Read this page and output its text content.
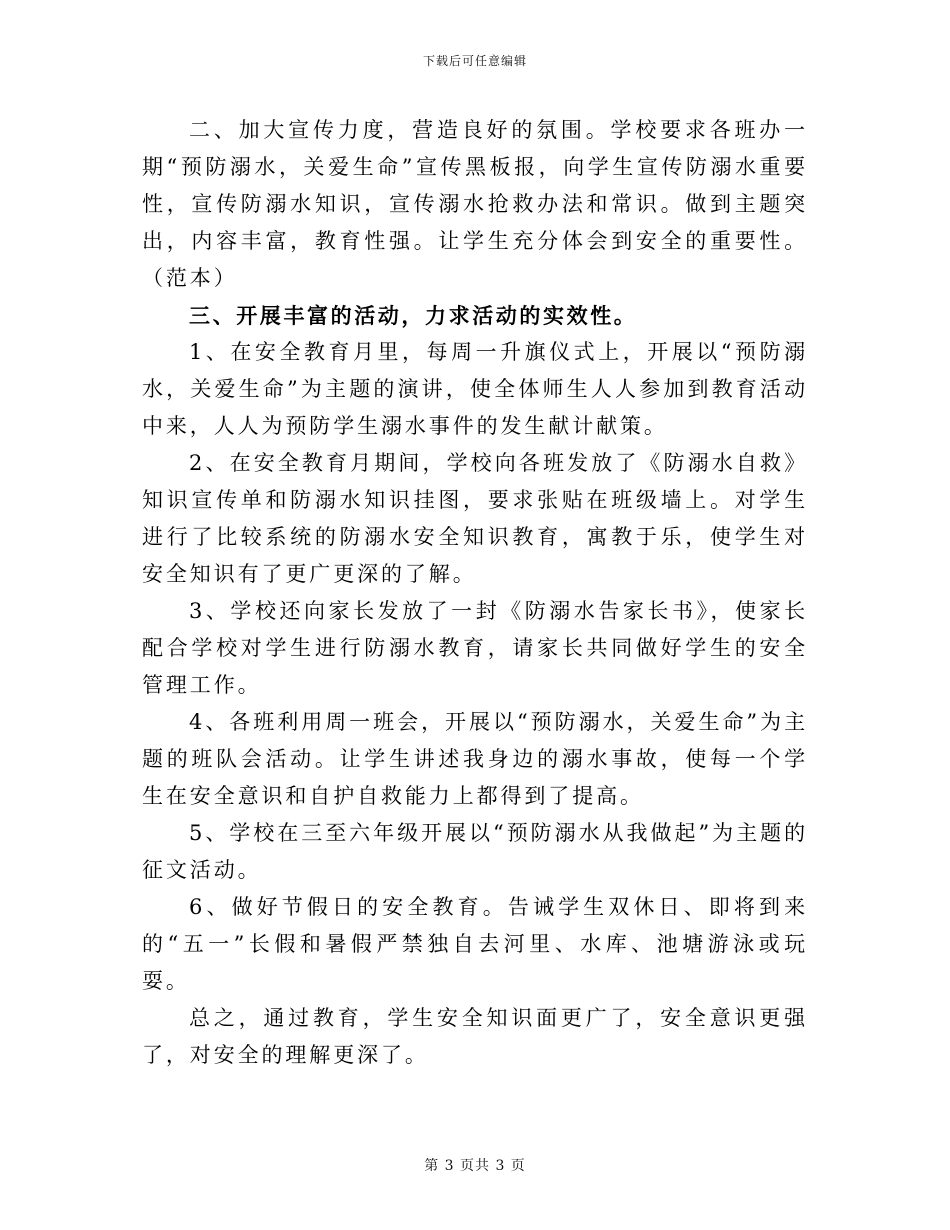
下载后可任意编辑

二、加大宣传力度，营造良好的氛围。学校要求各班办一期“预防溺水，关爱生命”宣传黑板报，向学生宣传防溺水重要性，宣传防溺水知识，宣传溺水抢救办法和常识。做到主题突出，内容丰富，教育性强。让学生充分体会到安全的重要性。（范本）

三、开展丰富的活动，力求活动的实效性。

1、在安全教育月里，每周一升旗仪式上，开展以“预防溺水，关爱生命”为主题的演讲，使全体师生人人参加到教育活动中来，人人为预防学生溺水事件的发生献计献策。

2、在安全教育月期间，学校向各班发放了《防溺水自救》知识宣传单和防溺水知识挂图，要求张贴在班级墙上。对学生进行了比较系统的防溺水安全知识教育，寓教于乐，使学生对安全知识有了更广更深的了解。

3、学校还向家长发放了一封《防溺水告家长书》，使家长配合学校对学生进行防溺水教育，请家长共同做好学生的安全管理工作。

4、各班利用周一班会，开展以“预防溺水，关爱生命”为主题的班队会活动。让学生讲述我身边的溺水事故，使每一个学生在安全意识和自护自救能力上都得到了提高。

5、学校在三至六年级开展以“预防溺水从我做起”为主题的征文活动。

6、做好节假日的安全教育。告诫学生双休日、即将到来的“五一”长假和暑假严禁独自去河里、水库、池塘游泳或玩耍。

总之，通过教育，学生安全知识面更广了，安全意识更强了，对安全的理解更深了。

第 3 页共 3 页
